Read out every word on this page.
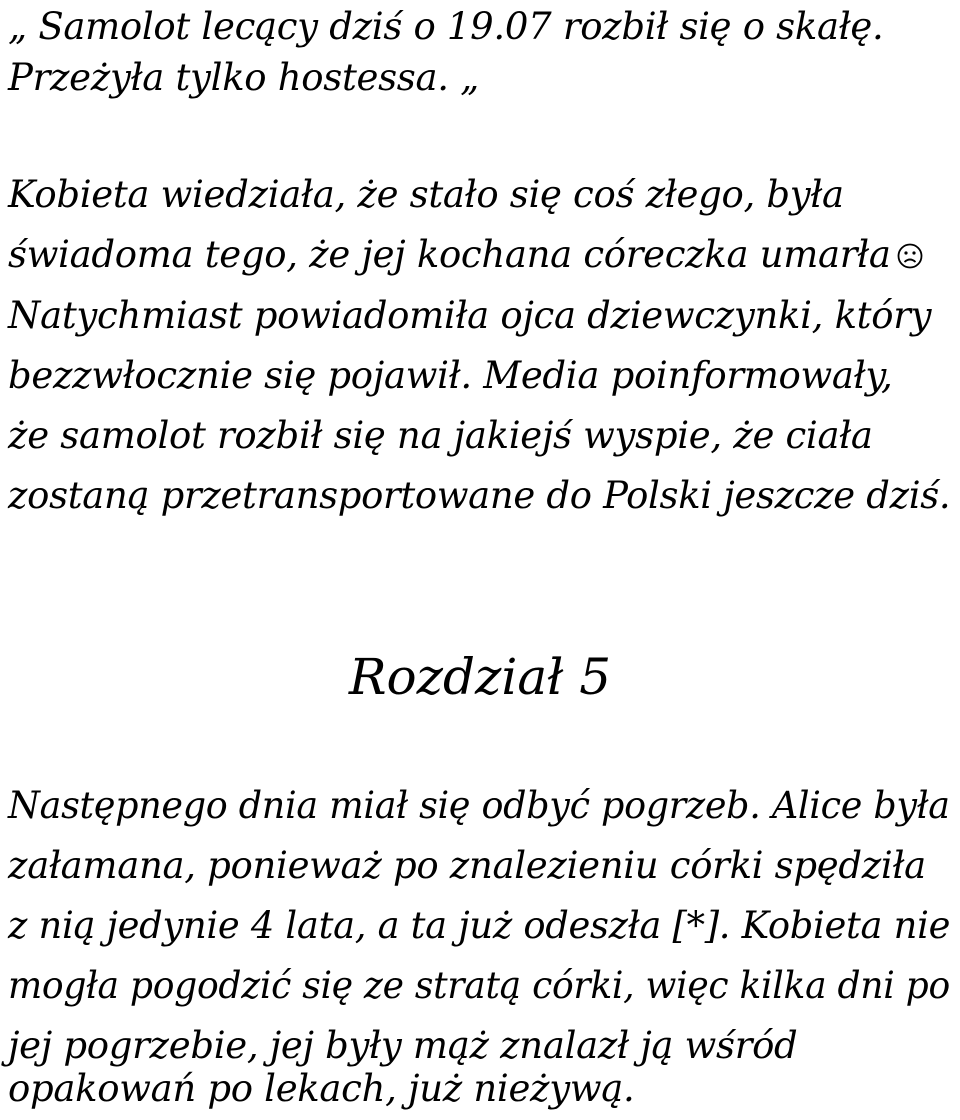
„ Samolot lecący dziś o 19.07 rozbił się o skałę.
Przeżyła tylko hostessa. „
Kobieta wiedziała, że stało się coś złego, była
świadoma tego, że jej kochana córeczka umarła
Natychmiast powiadomiła ojca dziewczynki, który
bezzwłocznie się pojawił. Media poinformowały,
że samolot rozbił się na jakiejś wyspie, że ciała
zostaną przetransportowane do Polski jeszcze dziś.
Rozdział 5
Następnego dnia miał się odbyć pogrzeb. Alice była
załamana, ponieważ po znalezieniu córki spędziła
z nią jedynie 4 lata, a ta już odeszła [*]. Kobieta nie
mogła pogodzić się ze stratą córki, więc kilka dni po
jej pogrzebie, jej były mąż znalazł ją wśród
opakowań po lekach, już nieżywą.
